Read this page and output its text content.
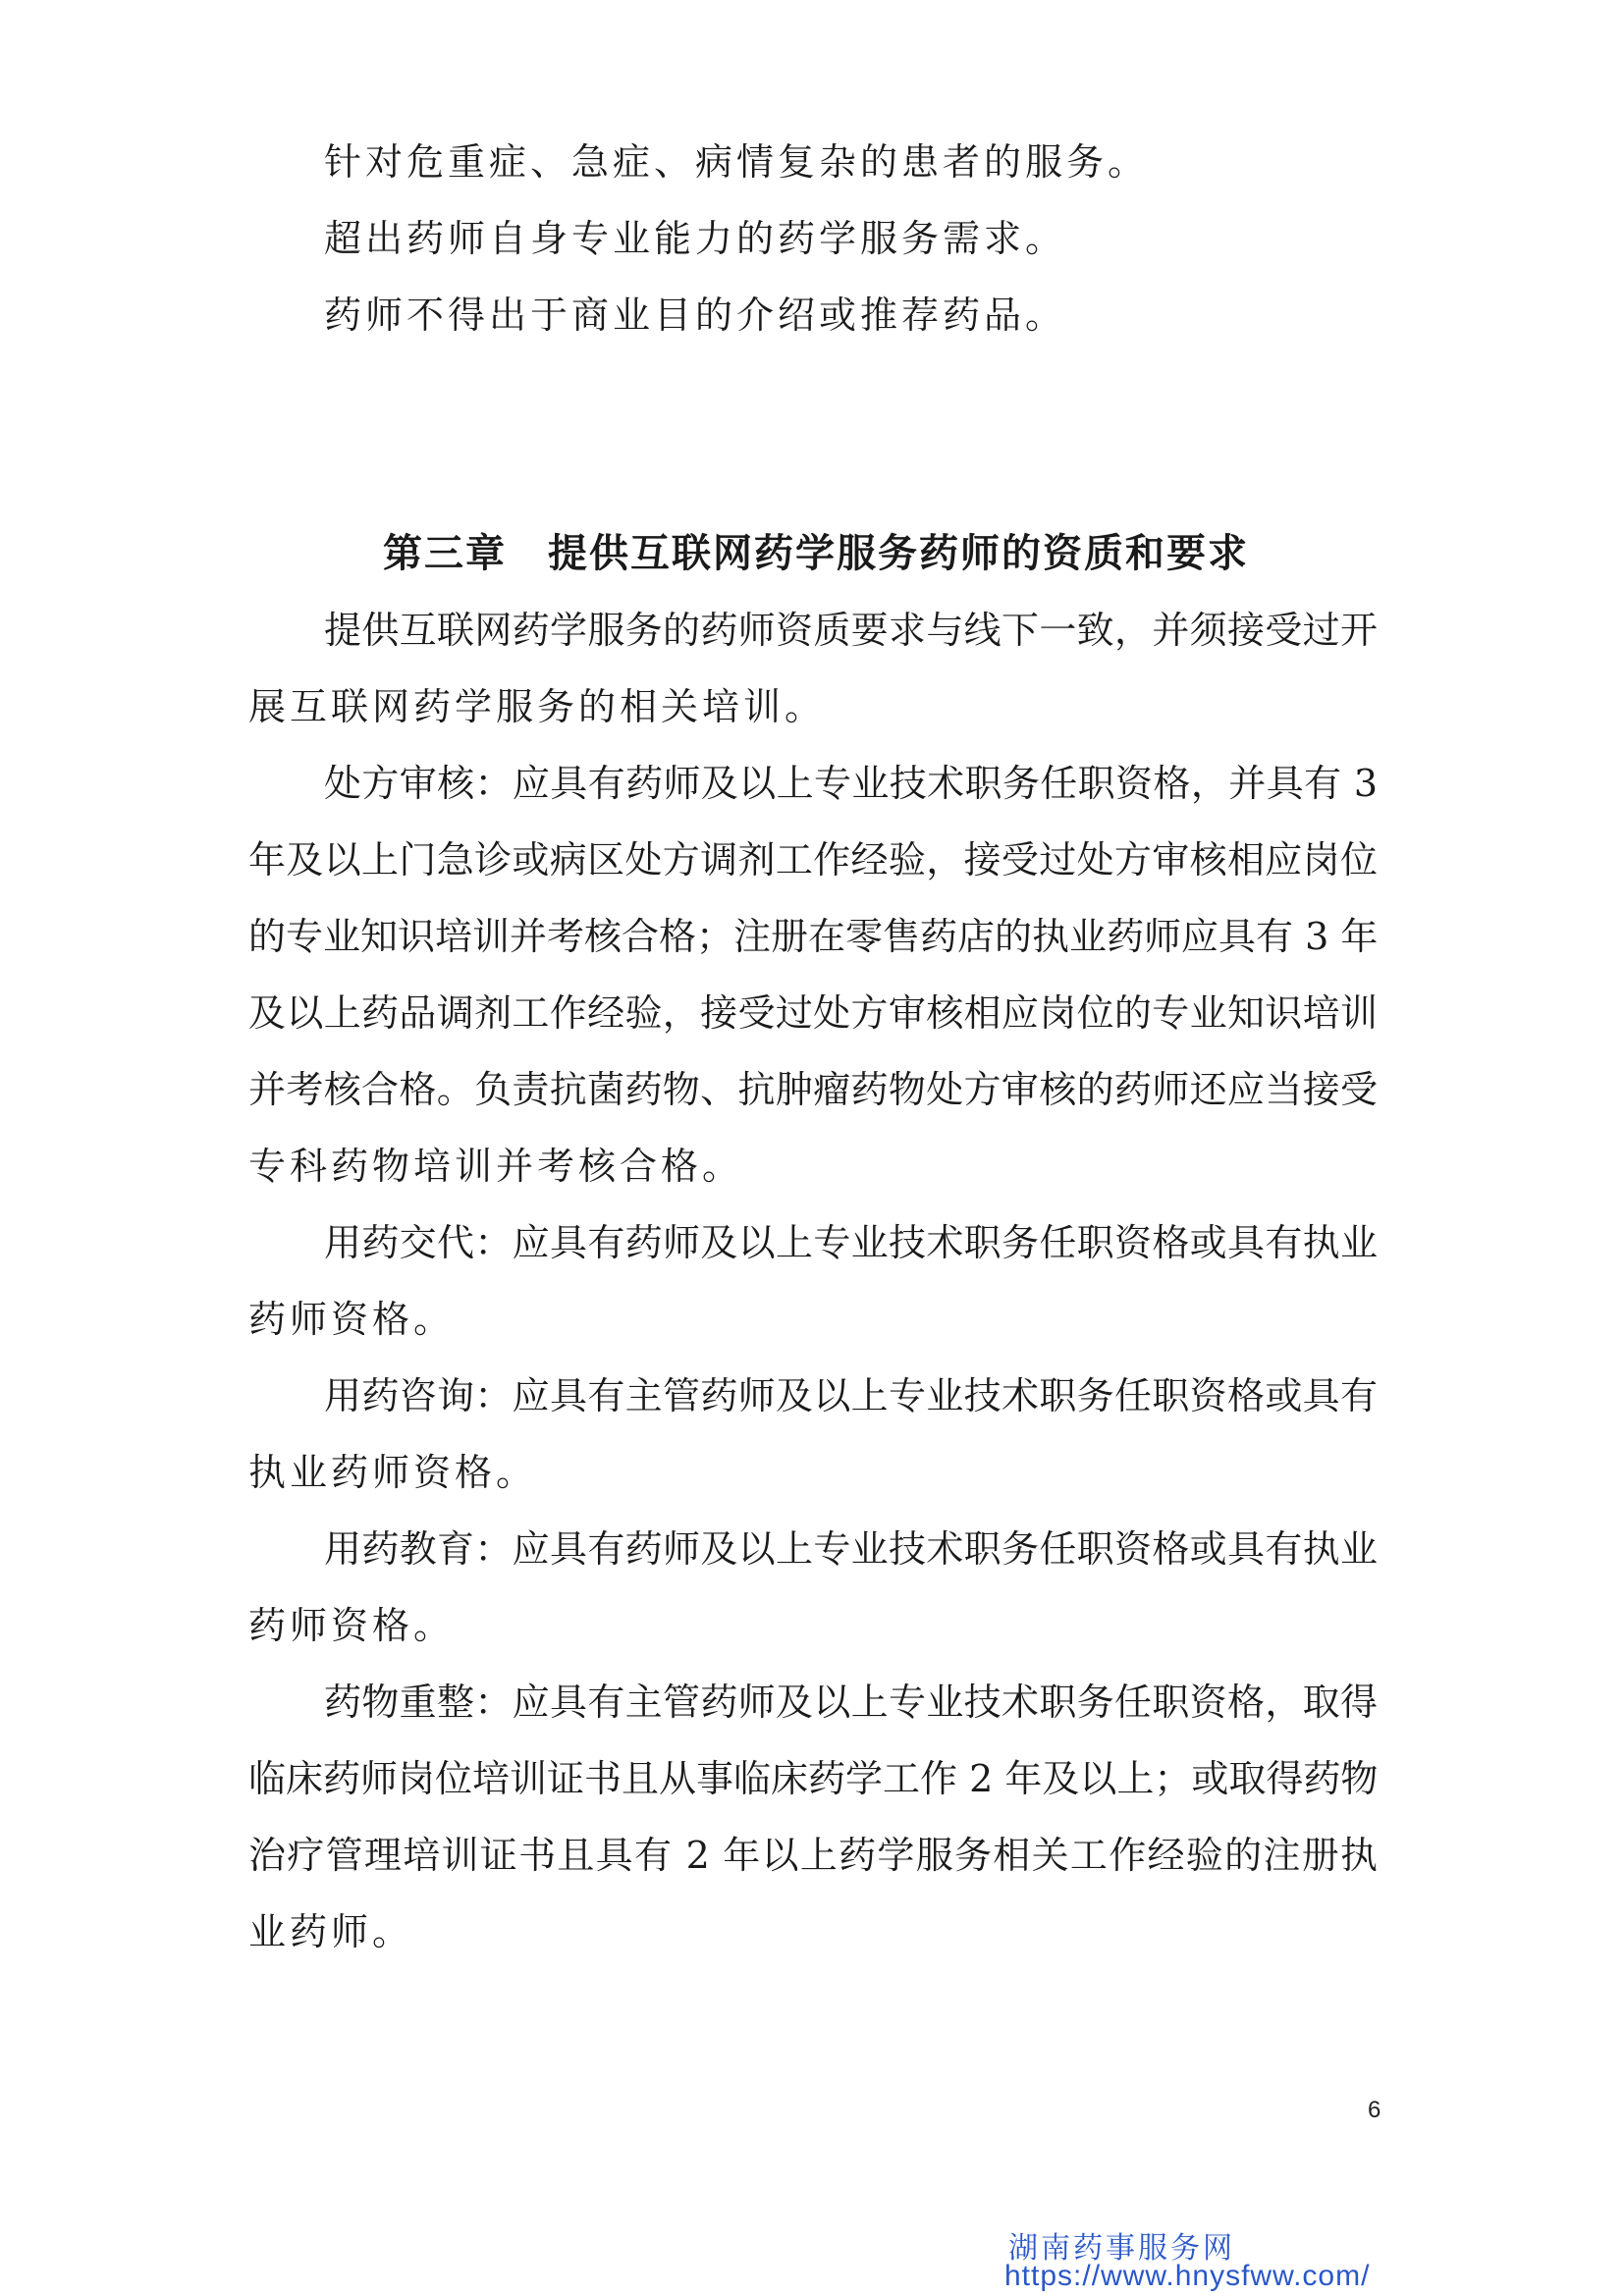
针对危重症、急症、病情复杂的患者的服务。
超出药师自身专业能力的药学服务需求。
药师不得出于商业目的介绍或推荐药品。
第三章　提供互联网药学服务药师的资质和要求
提供互联网药学服务的药师资质要求与线下一致，并须接受过开
展互联网药学服务的相关培训。
处方审核：应具有药师及以上专业技术职务任职资格，并具有 3
年及以上门急诊或病区处方调剂工作经验，接受过处方审核相应岗位
的专业知识培训并考核合格；注册在零售药店的执业药师应具有 3 年
及以上药品调剂工作经验，接受过处方审核相应岗位的专业知识培训
并考核合格。负责抗菌药物、抗肿瘤药物处方审核的药师还应当接受
专科药物培训并考核合格。
用药交代：应具有药师及以上专业技术职务任职资格或具有执业
药师资格。
用药咨询：应具有主管药师及以上专业技术职务任职资格或具有
执业药师资格。
用药教育：应具有药师及以上专业技术职务任职资格或具有执业
药师资格。
药物重整：应具有主管药师及以上专业技术职务任职资格，取得
临床药师岗位培训证书且从事临床药学工作 2 年及以上；或取得药物
治疗管理培训证书且具有 2 年以上药学服务相关工作经验的注册执
业药师。
6
湖南药事服务网
https://www.hnysfww.com/
